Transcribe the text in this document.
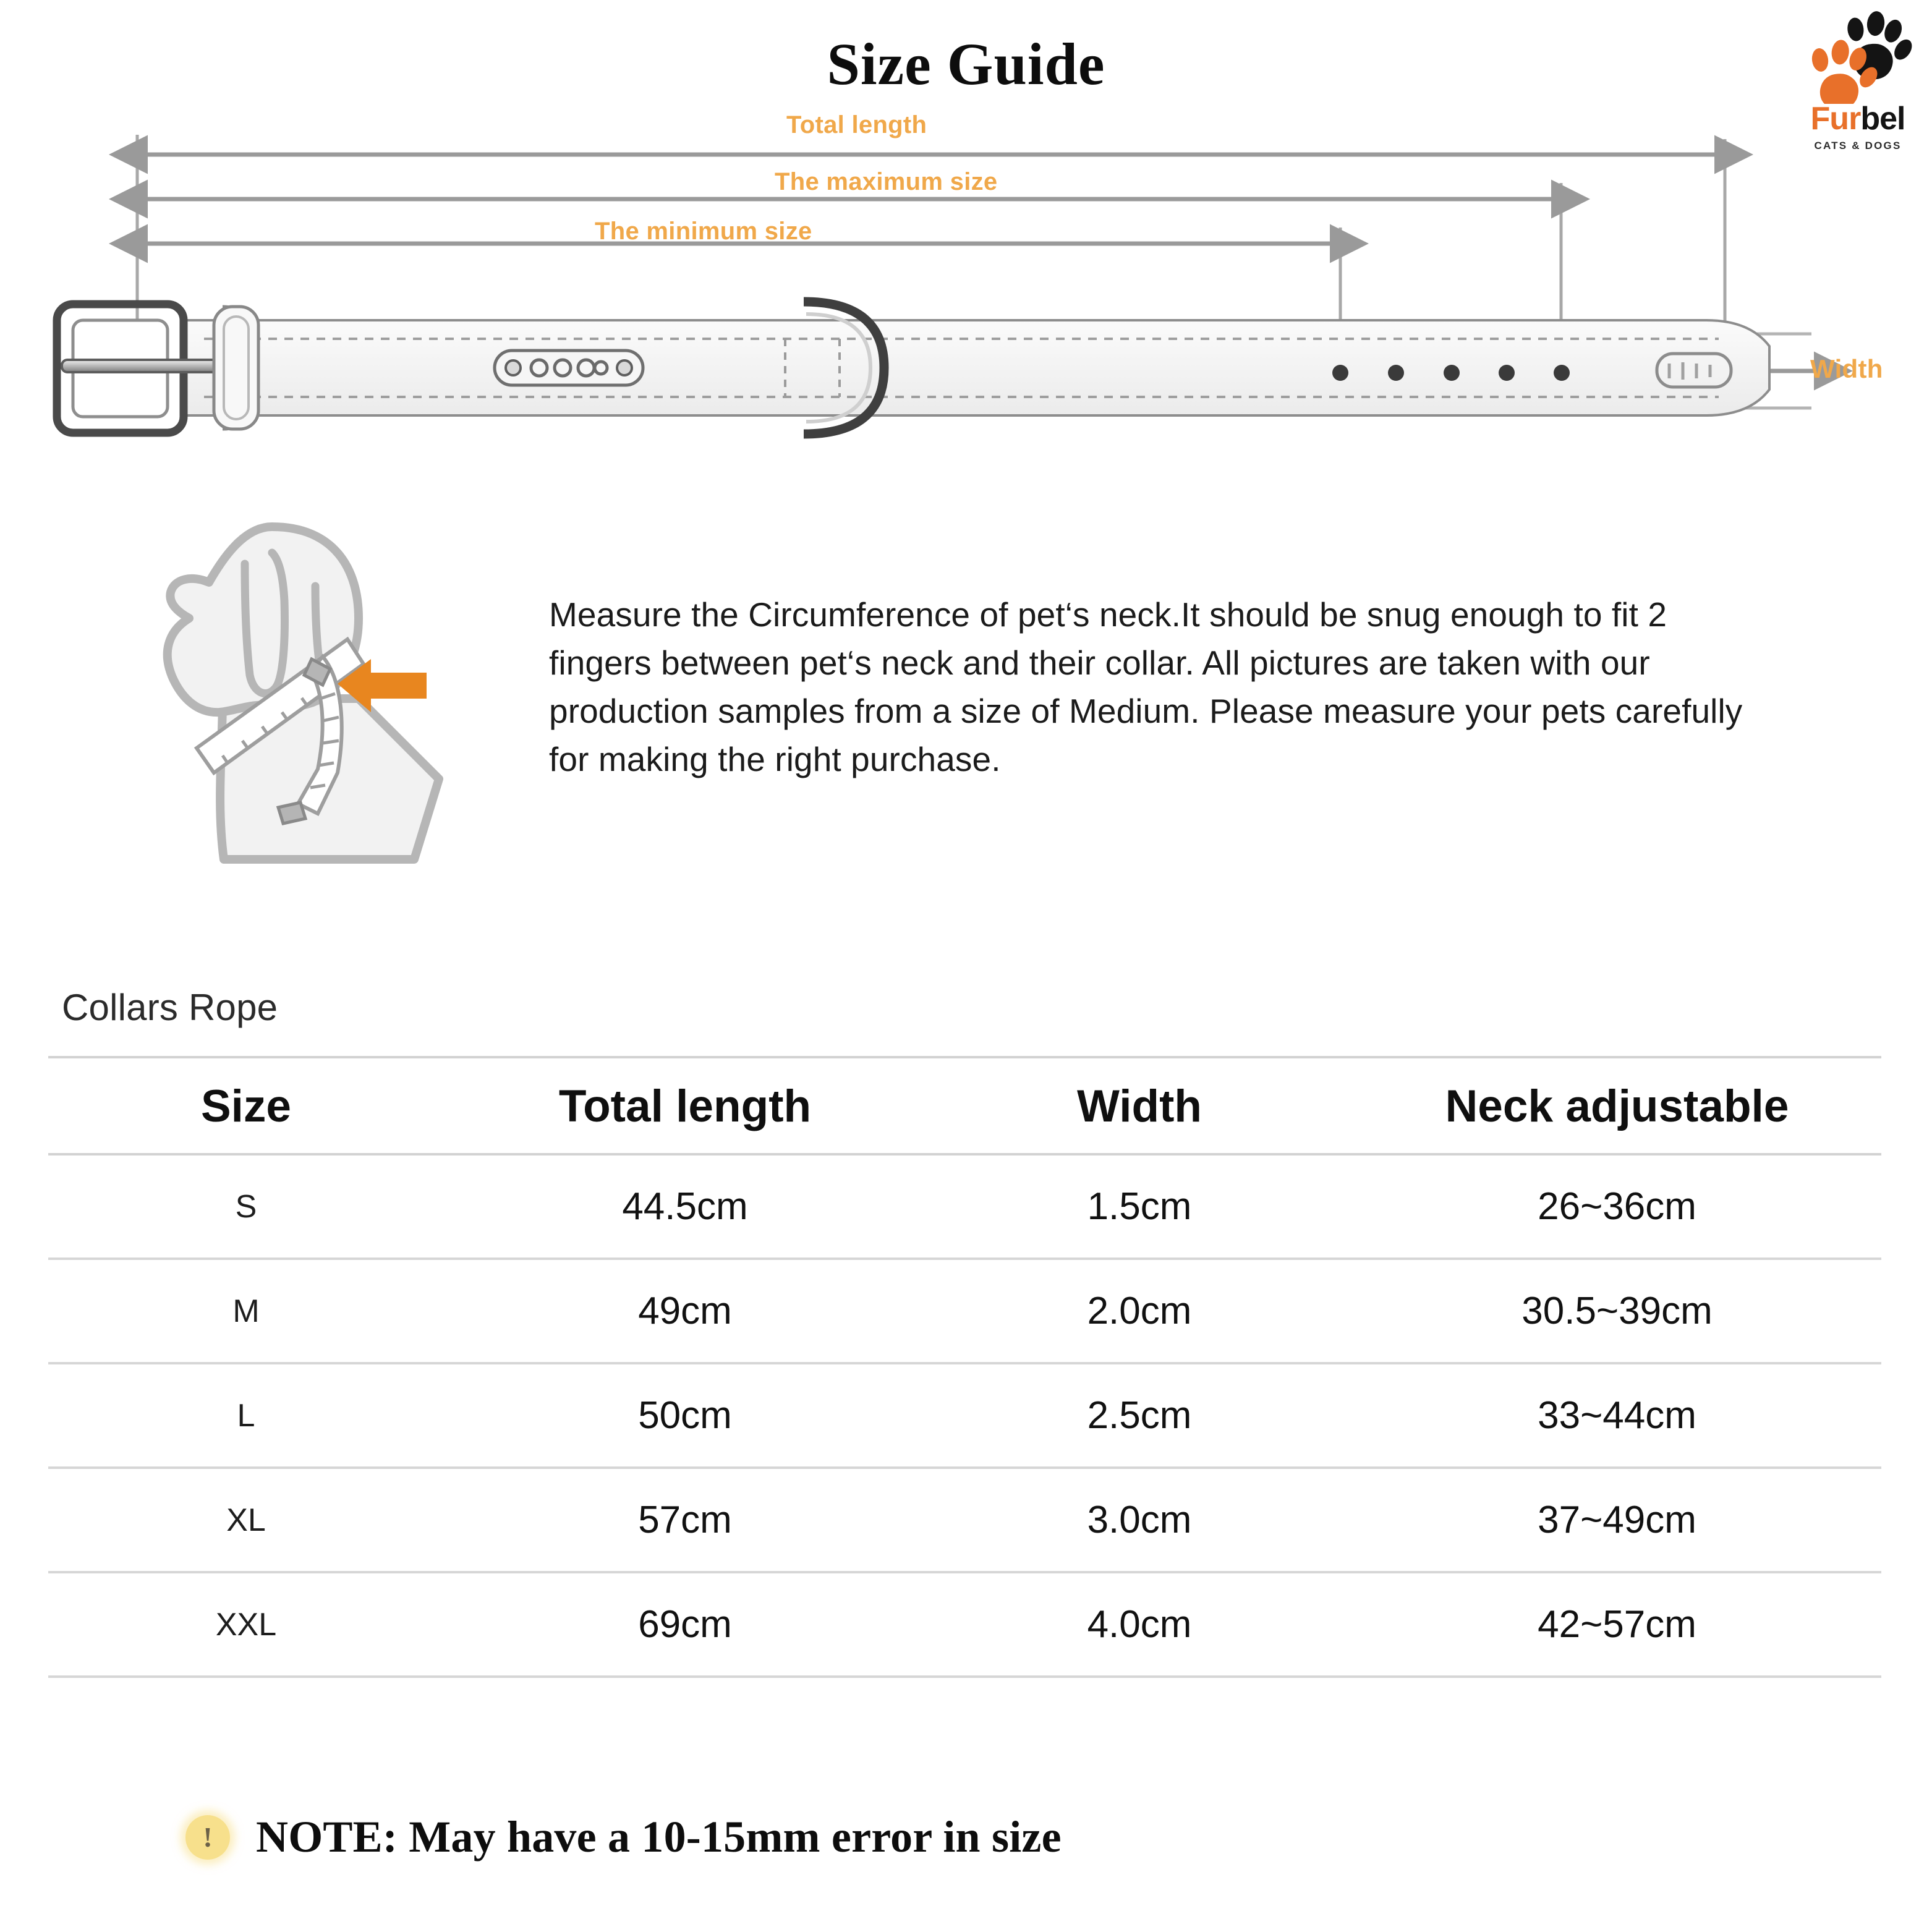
Size Guide
Furbel
CATS & DOGS
Total length
The maximum size
The minimum size
Width
Measure the Circumference of pet‘s neck.It should be snug enough to fit 2 fingers between pet‘s neck and their collar. All pictures are taken with our production samples from a size of Medium. Please measure your pets carefully for making the right purchase.
Collars Rope
Size	Total length	Width	Neck adjustable
S	44.5cm	1.5cm	26~36cm
M	49cm	2.0cm	30.5~39cm
L	50cm	2.5cm	33~44cm
XL	57cm	3.0cm	37~49cm
XXL	69cm	4.0cm	42~57cm
! NOTE: May have a 10-15mm error in size
